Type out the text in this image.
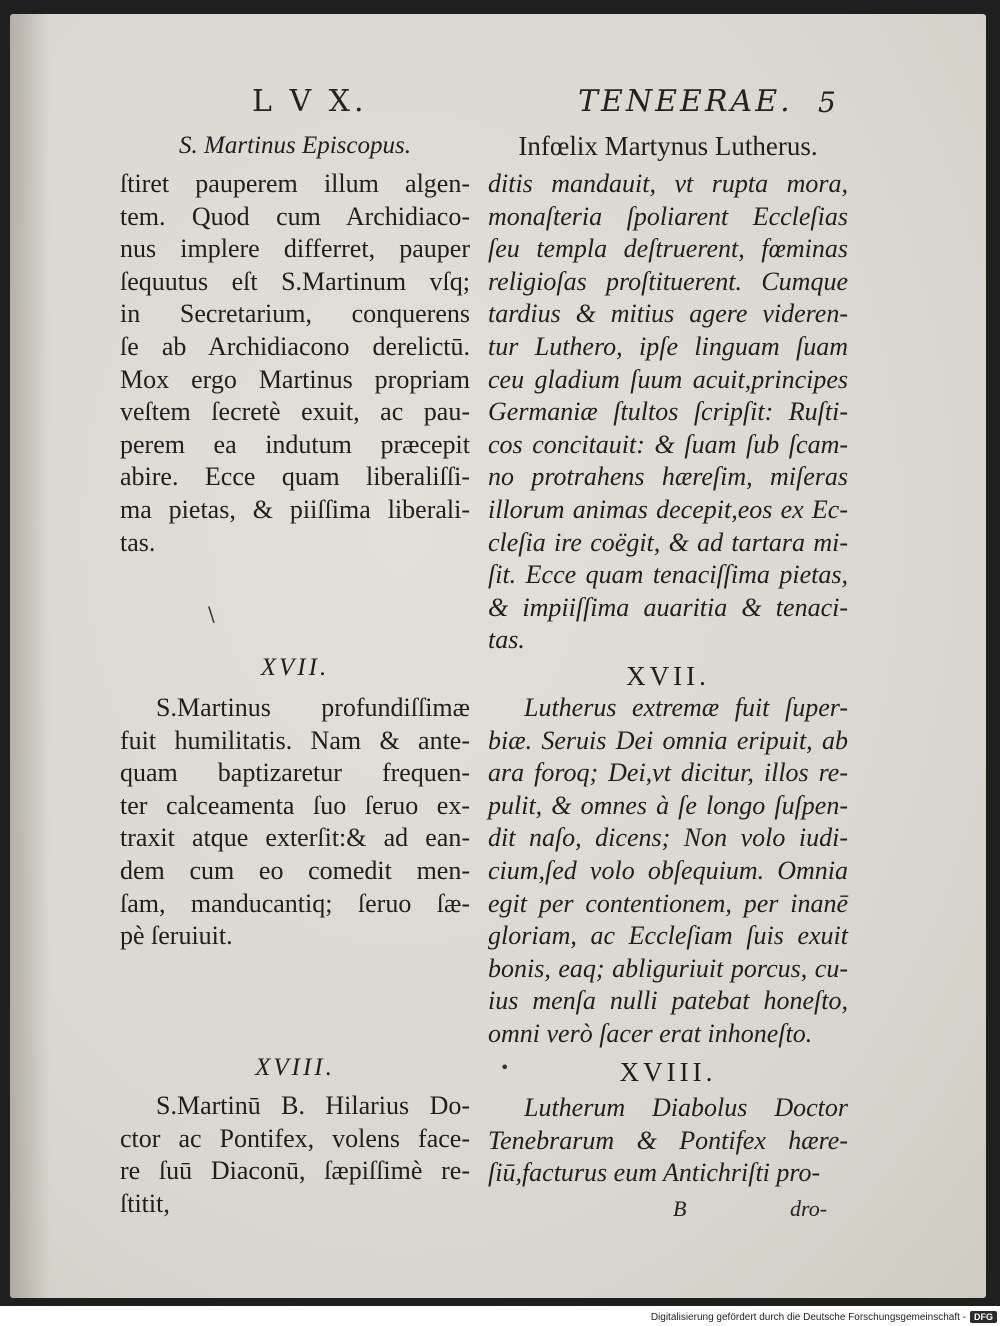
L V X.	TENEERAE. 5
S. Martinus Episcopus.
ſtiret pauperem illum algen-
tem. Quod cum Archidiaco-
nus implere differret, pauper
ſequutus eſt S.Martinum vſq;
in Secretarium, conquerens
ſe ab Archidiacono derelictū.
Mox ergo Martinus propriam
veſtem ſecretè exuit, ac pau-
perem ea indutum præcepit
abire. Ecce quam liberaliſſi-
ma pietas, & piiſſima liberali-
tas.
XVII.
S.Martinus profundiſſimæ
fuit humilitatis. Nam & ante-
quam baptizaretur frequen-
ter calceamenta ſuo ſeruo ex-
traxit atque exterſit:& ad ean-
dem cum eo comedit men-
ſam, manducantiq; ſeruo ſæ-
pè ſeruiuit.
XVIII.
S.Martinū B. Hilarius Do-
ctor ac Pontifex, volens face-
re ſuū Diaconū, ſæpiſſimè re-
ſtitit,
Infœlix Martynus Lutherus.
ditis mandauit, vt rupta mora,
monaſteria ſpoliarent Eccleſias
ſeu templa deſtruerent, fœminas
religioſas proſtituerent. Cumque
tardius & mitius agere videren-
tur Luthero, ipſe linguam ſuam
ceu gladium ſuum acuit,principes
Germaniæ ſtultos ſcripſit: Ruſti-
cos concitauit: & ſuam ſub ſcam-
no protrahens hæreſim, miſeras
illorum animas decepit,eos ex Ec-
cleſia ire coëgit, & ad tartara mi-
ſit. Ecce quam tenaciſſima pietas,
& impiiſſima auaritia & tenaci-
tas.
XVII.
Lutherus extremæ fuit ſuper-
biæ. Seruis Dei omnia eripuit, ab
ara foroq; Dei,vt dicitur, illos re-
pulit, & omnes à ſe longo ſuſpen-
dit naſo, dicens; Non volo iudi-
cium,ſed volo obſequium. Omnia
egit per contentionem, per inanē
gloriam, ac Eccleſiam ſuis exuit
bonis, eaq; abliguriuit porcus, cu-
ius menſa nulli patebat honeſto,
omni verò ſacer erat inhoneſto.
XVIII.
Lutherum Diabolus Doctor
Tenebrarum & Pontifex hære-
ſiū,facturus eum Antichriſti pro-
\
•
B	dro-
Digitalisierung gefördert durch die Deutsche Forschungsgemeinschaft - DFG
